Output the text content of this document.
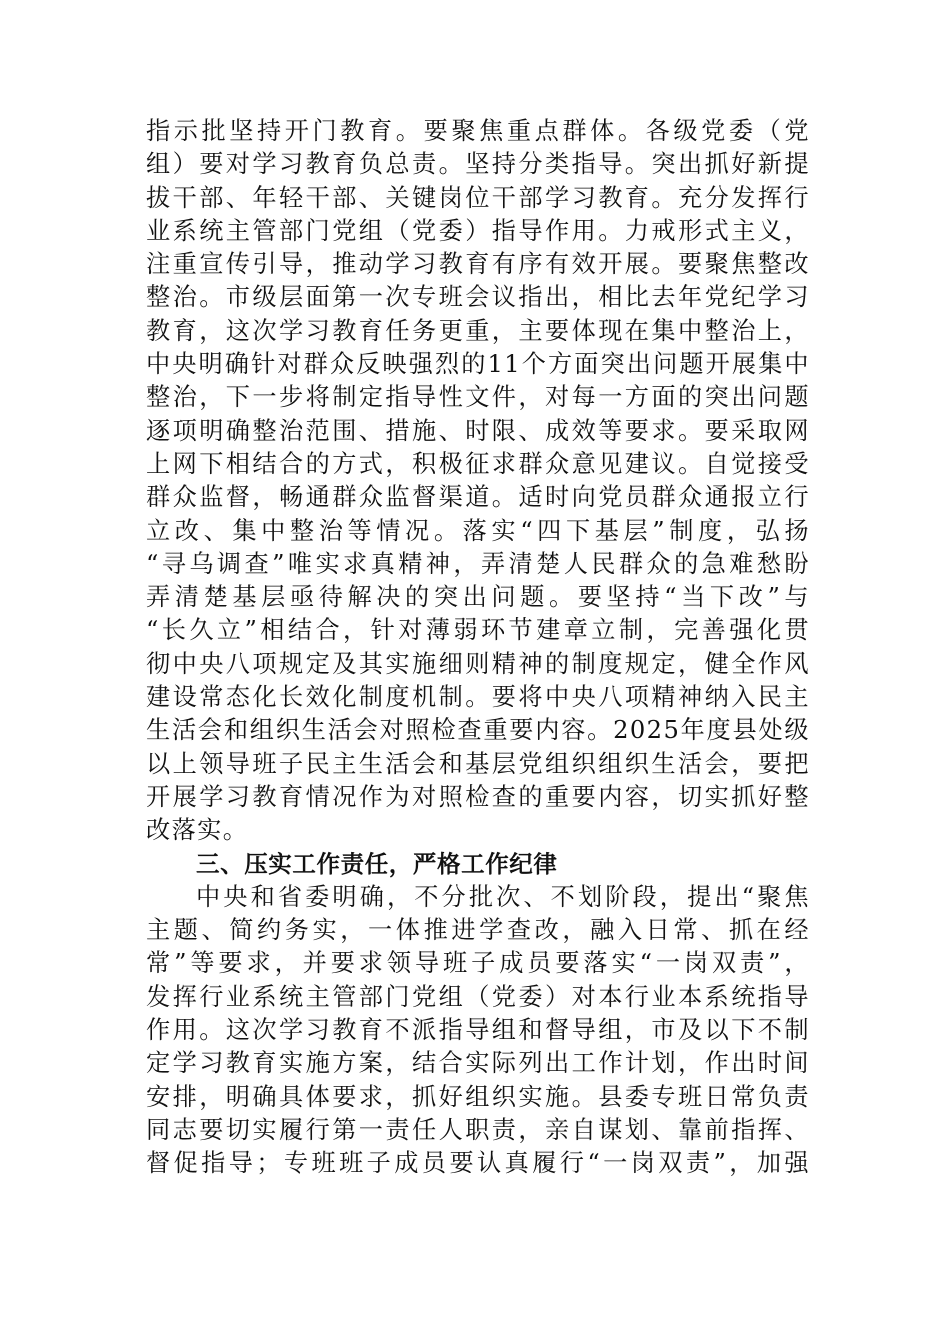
指示批坚持开门教育。要聚焦重点群体。各级党委（党
组）要对学习教育负总责。坚持分类指导。突出抓好新提
拔干部、年轻干部、关键岗位干部学习教育。充分发挥行
业系统主管部门党组（党委）指导作用。力戒形式主义，
注重宣传引导，推动学习教育有序有效开展。要聚焦整改
整治。市级层面第一次专班会议指出，相比去年党纪学习
教育，这次学习教育任务更重，主要体现在集中整治上，
中央明确针对群众反映强烈的11个方面突出问题开展集中
整治，下一步将制定指导性文件，对每一方面的突出问题
逐项明确整治范围、措施、时限、成效等要求。要采取网
上网下相结合的方式，积极征求群众意见建议。自觉接受
群众监督，畅通群众监督渠道。适时向党员群众通报立行
立改、集中整治等情况。落实“四下基层”制度，弘扬
“寻乌调查”唯实求真精神，弄清楚人民群众的急难愁盼
弄清楚基层亟待解决的突出问题。要坚持“当下改”与
“长久立”相结合，针对薄弱环节建章立制，完善强化贯
彻中央八项规定及其实施细则精神的制度规定，健全作风
建设常态化长效化制度机制。要将中央八项精神纳入民主
生活会和组织生活会对照检查重要内容。2025年度县处级
以上领导班子民主生活会和基层党组织组织生活会，要把
开展学习教育情况作为对照检查的重要内容，切实抓好整
改落实。
三、压实工作责任，严格工作纪律
中央和省委明确，不分批次、不划阶段，提出“聚焦
主题、简约务实，一体推进学查改，融入日常、抓在经
常”等要求，并要求领导班子成员要落实“一岗双责”，
发挥行业系统主管部门党组（党委）对本行业本系统指导
作用。这次学习教育不派指导组和督导组，市及以下不制
定学习教育实施方案，结合实际列出工作计划，作出时间
安排，明确具体要求，抓好组织实施。县委专班日常负责
同志要切实履行第一责任人职责，亲自谋划、靠前指挥、
督促指导；专班班子成员要认真履行“一岗双责”，加强
